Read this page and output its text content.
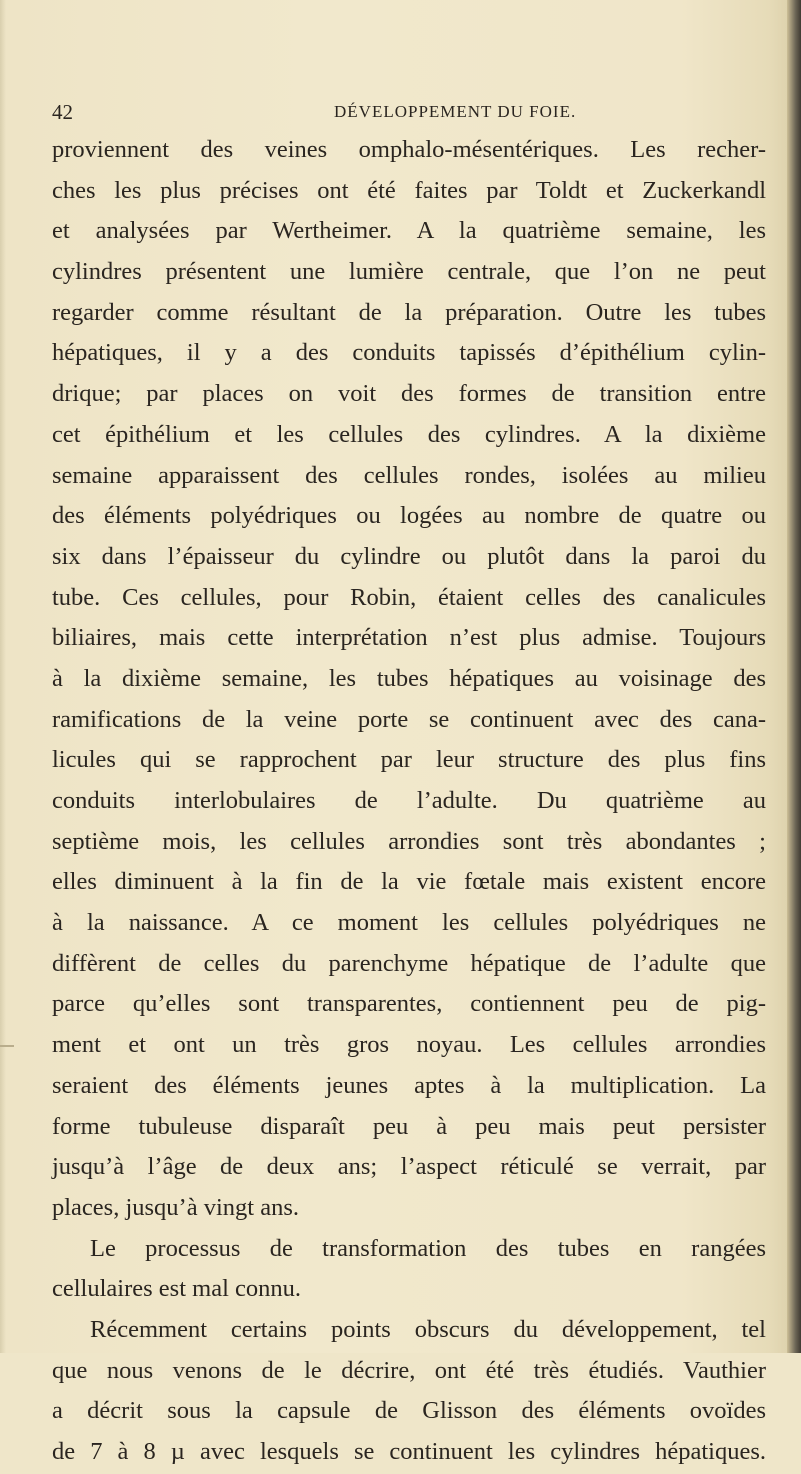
42	DÉVELOPPEMENT DU FOIE.
proviennent des veines omphalo-mésentériques. Les recher-
ches les plus précises ont été faites par Toldt et Zuckerkandl
et analysées par Wertheimer. A la quatrième semaine, les
cylindres présentent une lumière centrale, que l’on ne peut
regarder comme résultant de la préparation. Outre les tubes
hépatiques, il y a des conduits tapissés d’épithélium cylin-
drique; par places on voit des formes de transition entre
cet épithélium et les cellules des cylindres. A la dixième
semaine apparaissent des cellules rondes, isolées au milieu
des éléments polyédriques ou logées au nombre de quatre ou
six dans l’épaisseur du cylindre ou plutôt dans la paroi du
tube. Ces cellules, pour Robin, étaient celles des canalicules
biliaires, mais cette interprétation n’est plus admise. Toujours
à la dixième semaine, les tubes hépatiques au voisinage des
ramifications de la veine porte se continuent avec des cana-
licules qui se rapprochent par leur structure des plus fins
conduits interlobulaires de l’adulte. Du quatrième au
septième mois, les cellules arrondies sont très abondantes ;
elles diminuent à la fin de la vie fœtale mais existent encore
à la naissance. A ce moment les cellules polyédriques ne
diffèrent de celles du parenchyme hépatique de l’adulte que
parce qu’elles sont transparentes, contiennent peu de pig-
ment et ont un très gros noyau. Les cellules arrondies
seraient des éléments jeunes aptes à la multiplication. La
forme tubuleuse disparaît peu à peu mais peut persister
jusqu’à l’âge de deux ans; l’aspect réticulé se verrait, par
places, jusqu’à vingt ans.
Le processus de transformation des tubes en rangées
cellulaires est mal connu.
Récemment certains points obscurs du développement, tel
que nous venons de le décrire, ont été très étudiés. Vauthier
a décrit sous la capsule de Glisson des éléments ovoïdes
de 7 à 8 µ avec lesquels se continuent les cylindres hépatiques.
